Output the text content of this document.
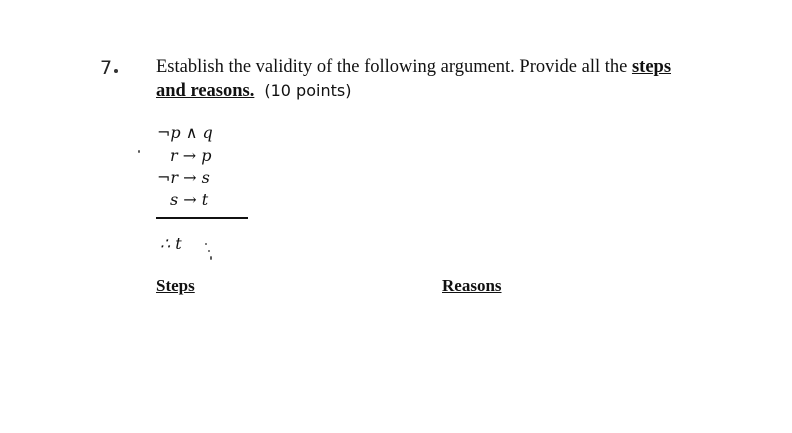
7 Establish the validity of the following argument. Provide all the steps
and reasons. (10 points)
¬p ∧ q
r → p
¬r → s
s → t
∴ t
Steps	Reasons
